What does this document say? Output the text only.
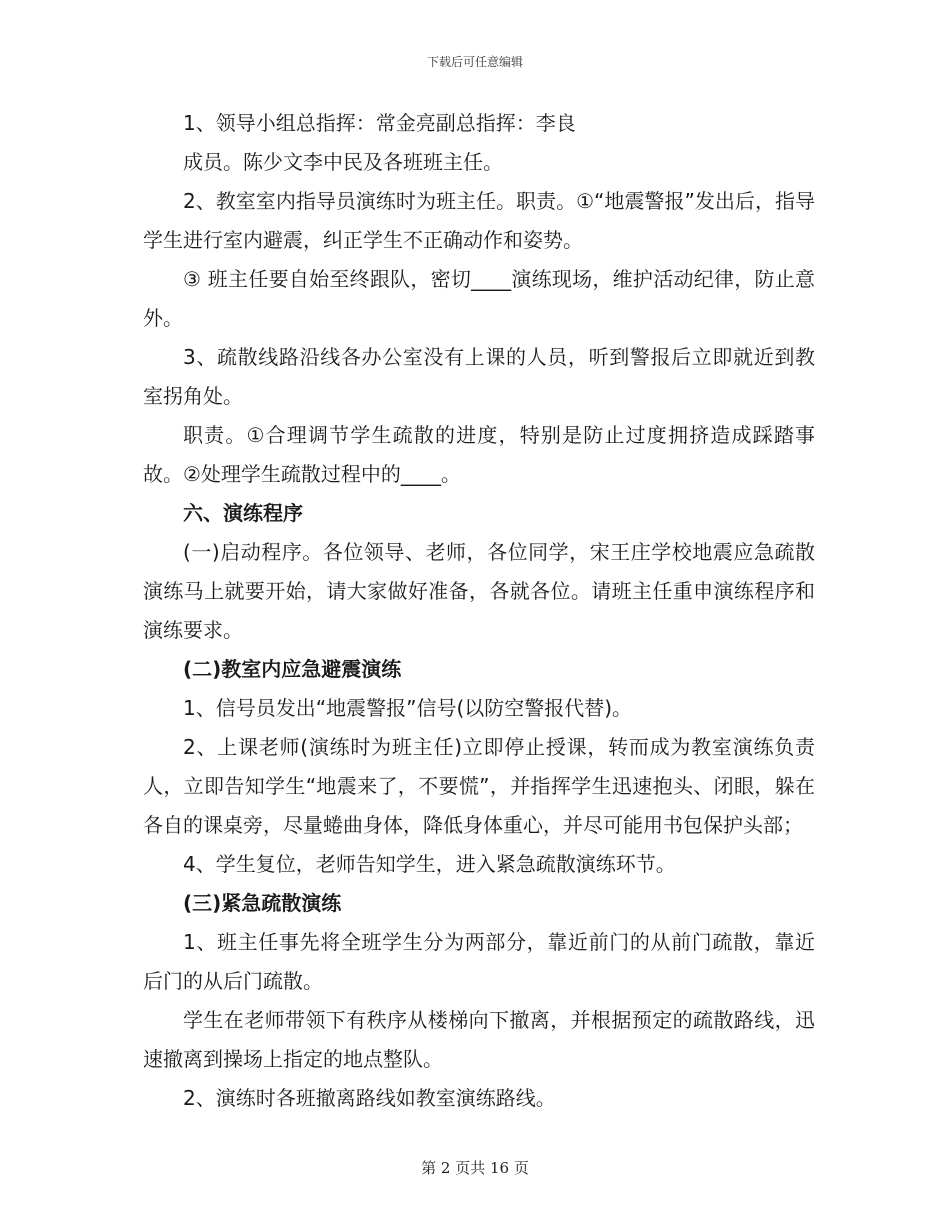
下载后可任意编辑

1、领导小组总指挥：常金亮副总指挥：李良

成员。陈少文李中民及各班班主任。

2、教室室内指导员演练时为班主任。职责。①“地震警报”发出后，指导学生进行室内避震，纠正学生不正确动作和姿势。

③ 班主任要自始至终跟队，密切____演练现场，维护活动纪律，防止意外。

3、疏散线路沿线各办公室没有上课的人员，听到警报后立即就近到教室拐角处。

职责。①合理调节学生疏散的进度，特别是防止过度拥挤造成踩踏事故。②处理学生疏散过程中的____。

六、演练程序

(一)启动程序。各位领导、老师，各位同学，宋王庄学校地震应急疏散演练马上就要开始，请大家做好准备，各就各位。请班主任重申演练程序和演练要求。

(二)教室内应急避震演练

1、信号员发出“地震警报”信号(以防空警报代替)。

2、上课老师(演练时为班主任)立即停止授课，转而成为教室演练负责人，立即告知学生“地震来了，不要慌”，并指挥学生迅速抱头、闭眼，躲在各自的课桌旁，尽量蜷曲身体，降低身体重心，并尽可能用书包保护头部；

4、学生复位，老师告知学生，进入紧急疏散演练环节。

(三)紧急疏散演练

1、班主任事先将全班学生分为两部分，靠近前门的从前门疏散，靠近后门的从后门疏散。

学生在老师带领下有秩序从楼梯向下撤离，并根据预定的疏散路线，迅速撤离到操场上指定的地点整队。

2、演练时各班撤离路线如教室演练路线。

第 2 页共 16 页
